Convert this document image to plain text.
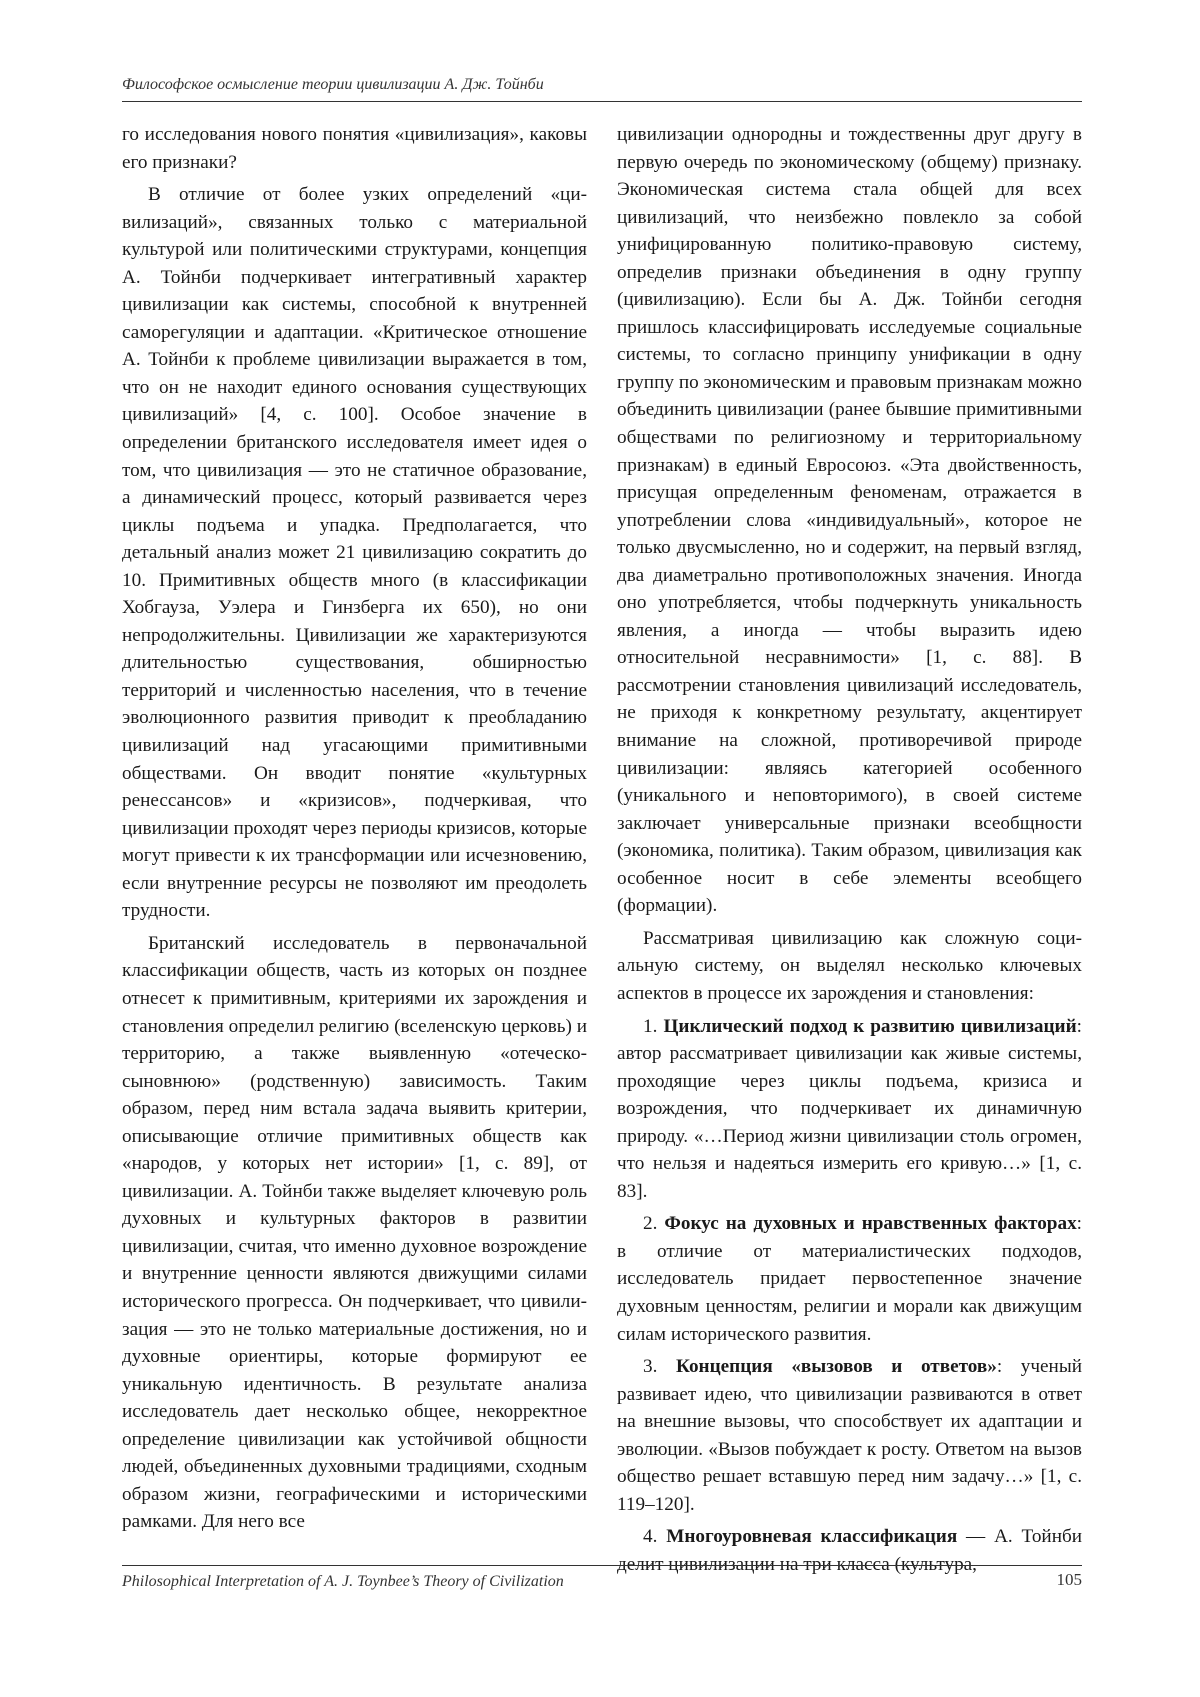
Философское осмысление теории цивилизации А. Дж. Тойнби

го исследования нового понятия «цивилизация», каковы его признаки?

В отличие от более узких определений «цивилизаций», связанных только с материальной культурой или политическими структурами, концепция А. Тойнби подчеркивает интегративный характер цивилизации как системы, способной к внутренней саморегуляции и адаптации. «Критическое отношение А. Тойнби к проблеме цивилизации выражается в том, что он не находит единого основания существующих цивилизаций» [4, с. 100]. Особое значение в определении британского исследователя имеет идея о том, что цивилизация — это не статичное образование, а динамический процесс, который развивается через циклы подъема и упадка. Предполагается, что детальный анализ может 21 цивилизацию сократить до 10. Примитивных обществ много (в классификации Хобгауза, Уэлера и Гинзберга их 650), но они непродолжительны. Цивилизации же характеризуются длительностью существования, обширностью территорий и численностью населения, что в течение эволюционного развития приводит к преобладанию цивилизаций над угасающими примитивными обществами. Он вводит понятие «культурных ренессансов» и «кризисов», подчеркивая, что цивилизации проходят через периоды кризисов, которые могут привести к их трансформации или исчезновению, если внутренние ресурсы не позволяют им преодолеть трудности.

Британский исследователь в первоначальной классификации обществ, часть из которых он позднее отнесет к примитивным, критериями их зарождения и становления определил религию (вселенскую церковь) и территорию, а также выявленную «отеческо-сыновнюю» (родственную) зависимость. Таким образом, перед ним встала задача выявить критерии, описывающие отличие примитивных обществ как «народов, у которых нет истории» [1, с. 89], от цивилизации. А. Тойнби также выделяет ключевую роль духовных и культурных факторов в развитии цивилизации, считая, что именно духовное возрождение и внутренние ценности являются движущими силами исторического прогресса. Он подчеркивает, что цивилизация — это не только материальные достижения, но и духовные ориентиры, которые формируют ее уникальную идентичность. В результате анализа исследователь дает несколько общее, некорректное определение цивилизации как устойчивой общности людей, объединенных духовными традициями, сходным образом жизни, географическими и историческими рамками. Для него все

цивилизации однородны и тождественны друг другу в первую очередь по экономическому (общему) признаку. Экономическая система стала общей для всех цивилизаций, что неизбежно повлекло за собой унифицированную политико-правовую систему, определив признаки объединения в одну группу (цивилизацию). Если бы А. Дж. Тойнби сегодня пришлось классифицировать исследуемые социальные системы, то согласно принципу унификации в одну группу по экономическим и правовым признакам можно объединить цивилизации (ранее бывшие примитивными обществами по религиозному и территориальному признакам) в единый Евросоюз. «Эта двойственность, присущая определенным феноменам, отражается в употреблении слова «индивидуальный», которое не только двусмысленно, но и содержит, на первый взгляд, два диаметрально противоположных значения. Иногда оно употребляется, чтобы подчеркнуть уникальность явления, а иногда — чтобы выразить идею относительной несравнимости» [1, с. 88]. В рассмотрении становления цивилизаций исследователь, не приходя к конкретному результату, акцентирует внимание на сложной, противоречивой природе цивилизации: являясь категорией особенного (уникального и неповторимого), в своей системе заключает универсальные признаки всеобщности (экономика, политика). Таким образом, цивилизация как особенное носит в себе элементы всеобщего (формации).

Рассматривая цивилизацию как сложную социальную систему, он выделял несколько ключевых аспектов в процессе их зарождения и становления:

1. Циклический подход к развитию цивилизаций: автор рассматривает цивилизации как живые системы, проходящие через циклы подъема, кризиса и возрождения, что подчеркивает их динамичную природу. «…Период жизни цивилизации столь огромен, что нельзя и надеяться измерить его кривую…» [1, с. 83].

2. Фокус на духовных и нравственных факторах: в отличие от материалистических подходов, исследователь придает первостепенное значение духовным ценностям, религии и морали как движущим силам исторического развития.

3. Концепция «вызовов и ответов»: ученый развивает идею, что цивилизации развиваются в ответ на внешние вызовы, что способствует их адаптации и эволюции. «Вызов побуждает к росту. Ответом на вызов общество решает вставшую перед ним задачу…» [1, с. 119–120].

4. Многоуровневая классификация — А. Тойнби делит цивилизации на три класса (культура,

Philosophical Interpretation of A. J. Toynbee’s Theory of Civilization	105
